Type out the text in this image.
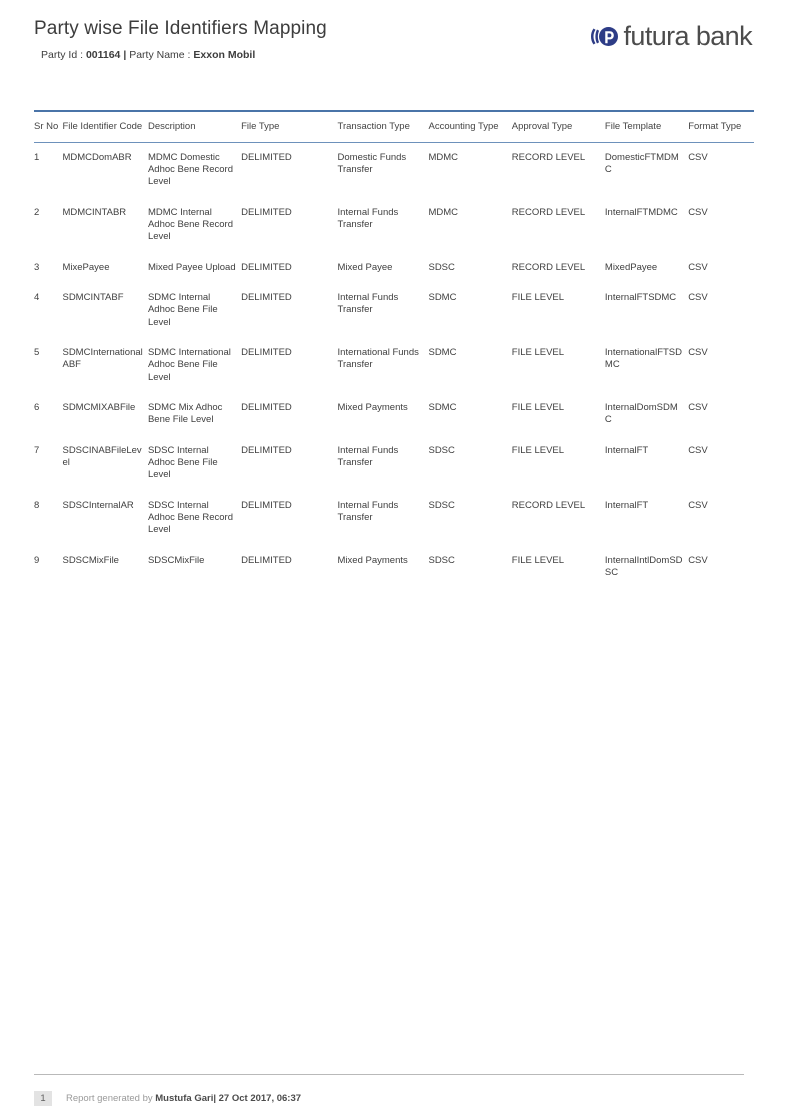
Party wise File Identifiers Mapping
Party Id : 001164 | Party Name : Exxon Mobil
futura bank
Sr No	File Identifier Code	Description	File Type	Transaction Type	Accounting Type	Approval Type	File Template	Format Type
1	MDMCDomABR	MDMC Domestic Adhoc Bene Record Level	DELIMITED	Domestic Funds Transfer	MDMC	RECORD LEVEL	DomesticFTMDMC	CSV
2	MDMCINTABR	MDMC Internal Adhoc Bene Record Level	DELIMITED	Internal Funds Transfer	MDMC	RECORD LEVEL	InternalFTMDMC	CSV
3	MixePayee	Mixed Payee Upload	DELIMITED	Mixed Payee	SDSC	RECORD LEVEL	MixedPayee	CSV
4	SDMCINTABF	SDMC Internal Adhoc Bene File Level	DELIMITED	Internal Funds Transfer	SDMC	FILE LEVEL	InternalFTSDMC	CSV
5	SDMCInternationalABF	SDMC International Adhoc Bene File Level	DELIMITED	International Funds Transfer	SDMC	FILE LEVEL	InternationalFTSDMC	CSV
6	SDMCMIXABFile	SDMC Mix Adhoc Bene File Level	DELIMITED	Mixed Payments	SDMC	FILE LEVEL	InternalDomSDMC	CSV
7	SDSCINABFileLevel	SDSC Internal Adhoc Bene File Level	DELIMITED	Internal Funds Transfer	SDSC	FILE LEVEL	InternalFT	CSV
8	SDSCInternalAR	SDSC Internal Adhoc Bene Record Level	DELIMITED	Internal Funds Transfer	SDSC	RECORD LEVEL	InternalFT	CSV
9	SDSCMixFile	SDSCMixFile	DELIMITED	Mixed Payments	SDSC	FILE LEVEL	InternalIntlDomSDSC	CSV
1	Report generated by Mustufa Gari| 27 Oct 2017, 06:37
